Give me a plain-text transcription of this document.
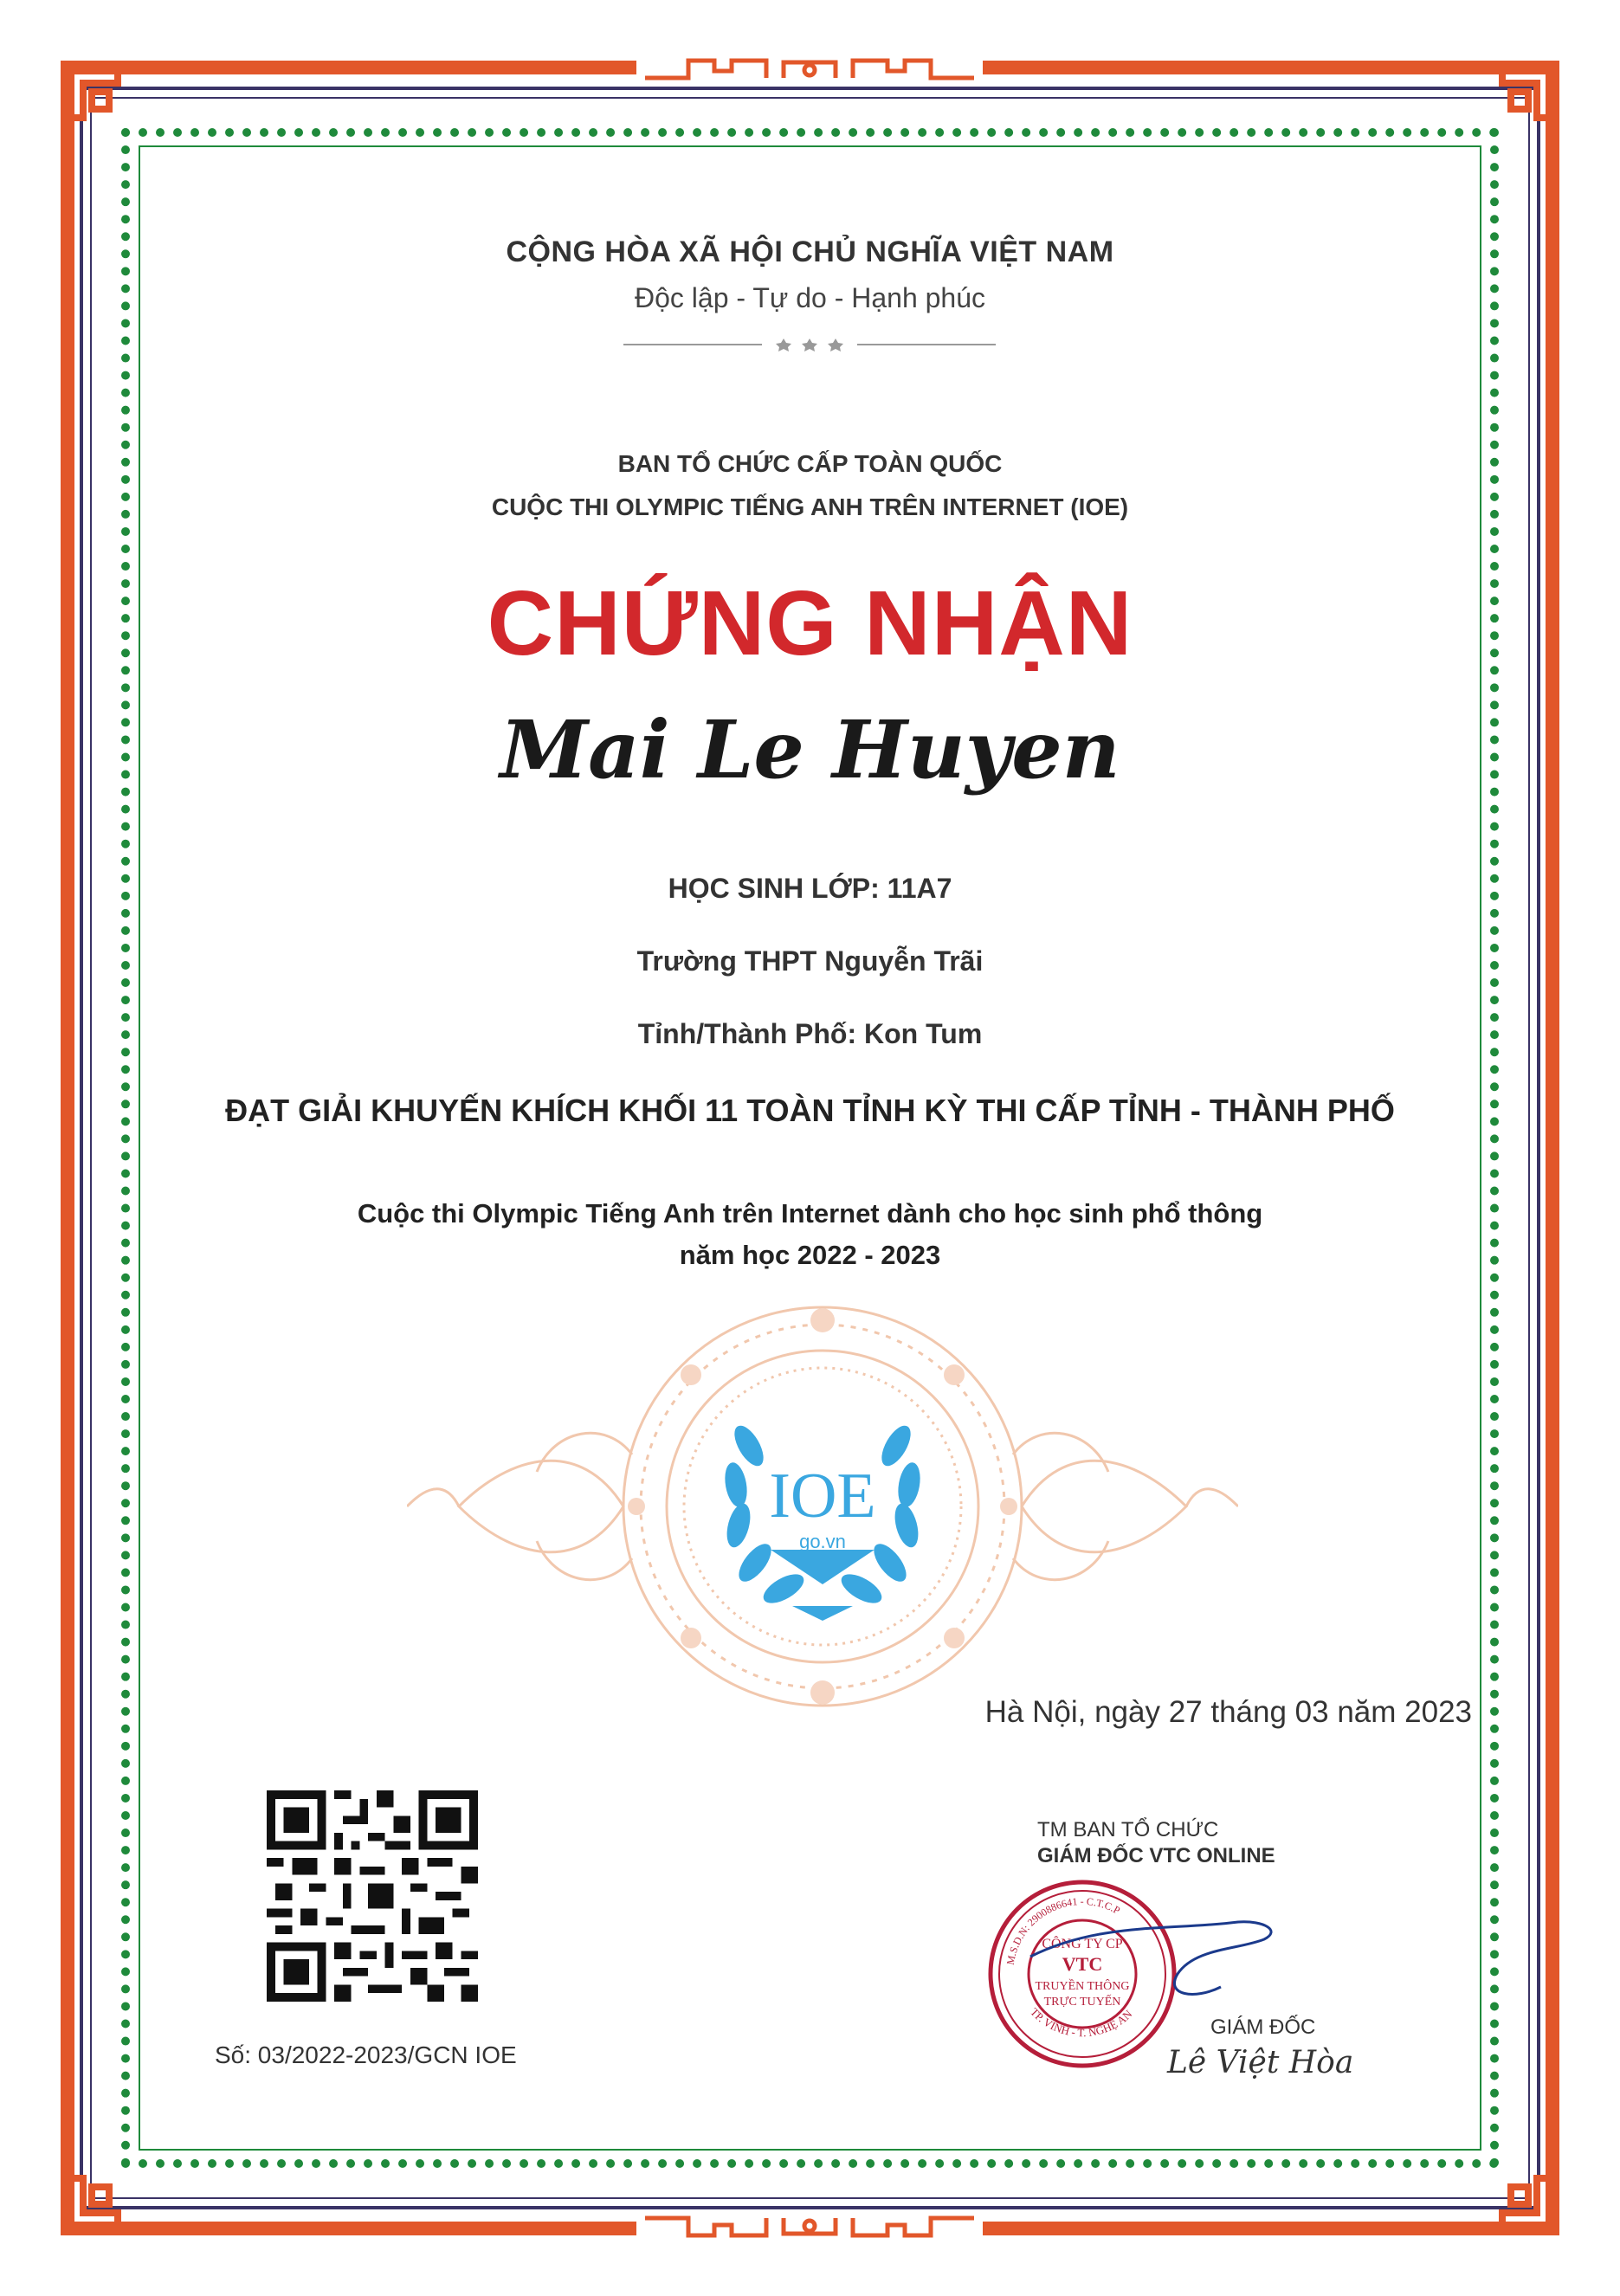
CỘNG HÒA XÃ HỘI CHỦ NGHĨA VIỆT NAM
Độc lập - Tự do - Hạnh phúc
BAN TỔ CHỨC CẤP TOÀN QUỐC
CUỘC THI OLYMPIC TIẾNG ANH TRÊN INTERNET (IOE)
CHỨNG NHẬN
Mai Le Huyen
HỌC SINH LỚP: 11A7
Trường THPT Nguyễn Trãi
Tỉnh/Thành Phố: Kon Tum
ĐẠT GIẢI KHUYẾN KHÍCH KHỐI 11 TOÀN TỈNH KỲ THI CẤP TỈNH - THÀNH PHỐ
Cuộc thi Olympic Tiếng Anh trên Internet dành cho học sinh phổ thông
năm học 2022 - 2023
IOE
go.vn
Hà Nội, ngày 27 tháng 03 năm 2023
Số: 03/2022-2023/GCN IOE
CÔNG TY CP
VTC
TRUYỀN THÔNG
TRỰC TUYẾN
M.S.D.N: 2900886641 - C.T.C.P
TP. VINH - T. NGHỆ AN
TM BAN TỔ CHỨC
GIÁM ĐỐC VTC ONLINE
GIÁM ĐỐC
Lê Việt Hòa
